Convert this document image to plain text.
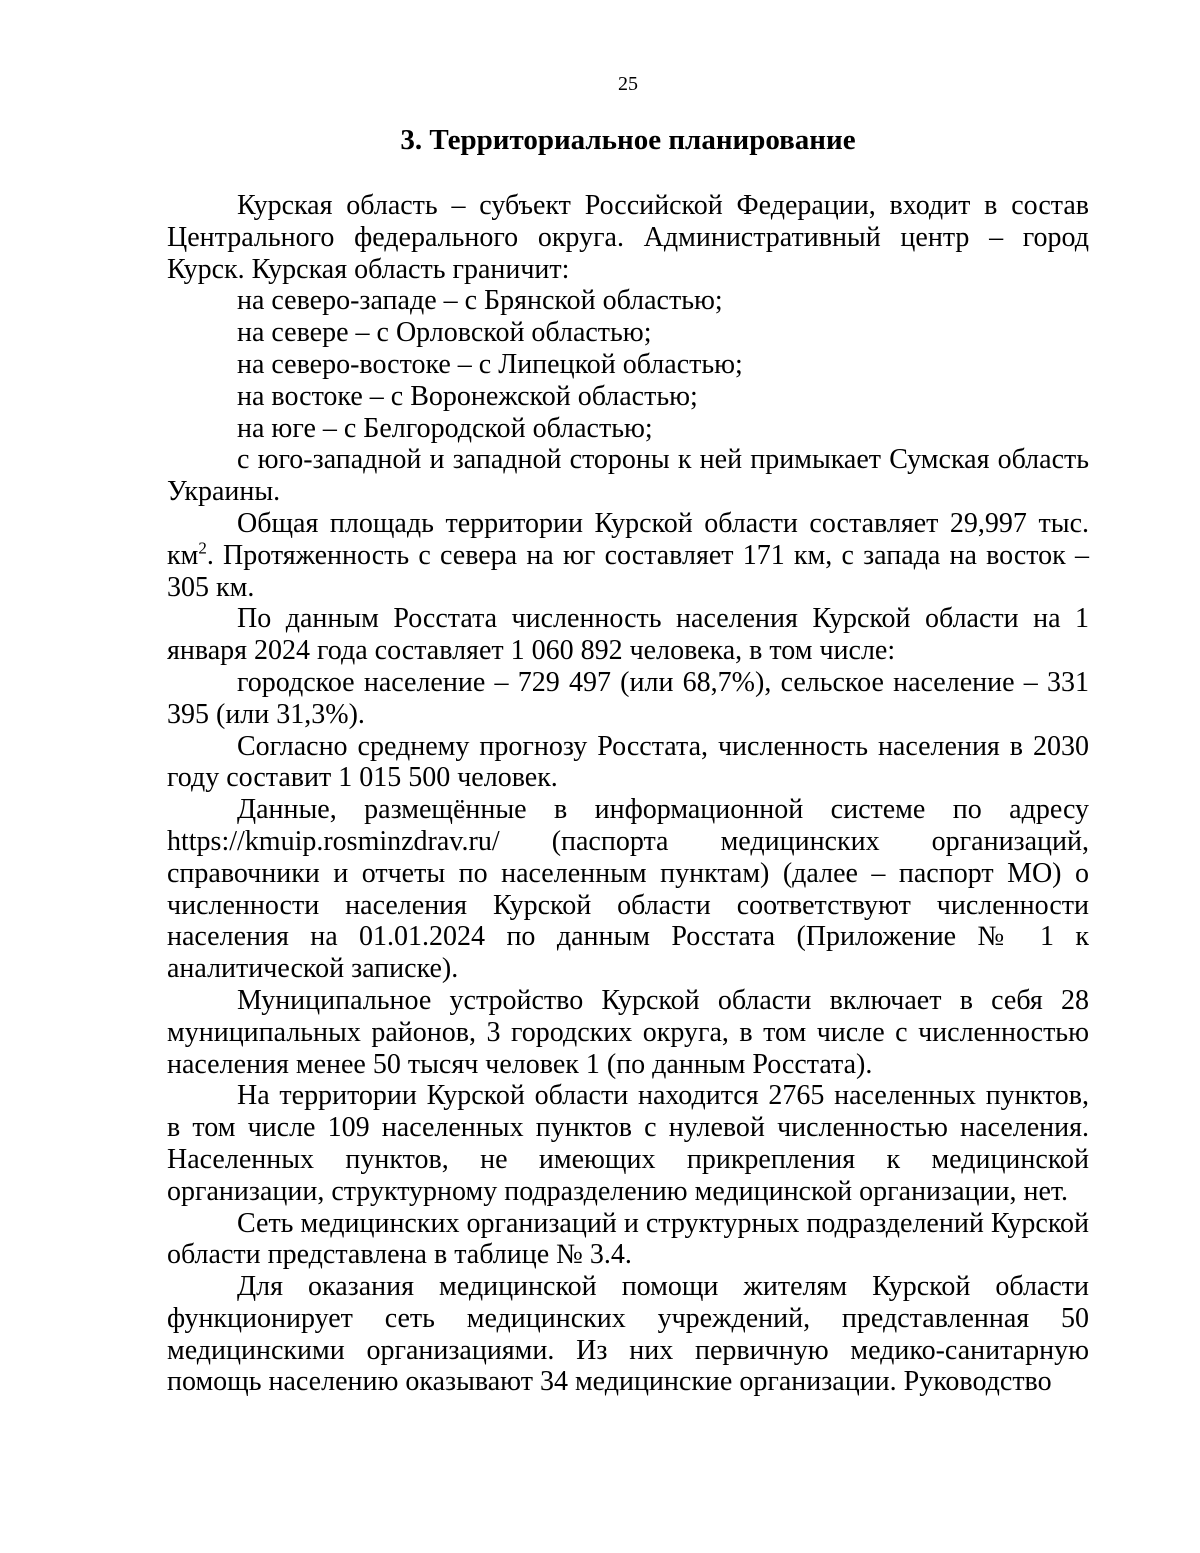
25
3. Территориальное планирование

Курская область – субъект Российской Федерации, входит в состав Центрального федерального округа. Административный центр – город Курск. Курская область граничит:

на северо-западе – с Брянской областью;

на севере – с Орловской областью;

на северо-востоке – с Липецкой областью;

на востоке – с Воронежской областью;

на юге – с Белгородской областью;

с юго-западной и западной стороны к ней примыкает Сумская область Украины.

Общая площадь территории Курской области составляет 29,997 тыс. $км^2$. Протяженность с севера на юг составляет 171 км, с запада на восток – 305 км.

По данным Росстата численность населения Курской области на 1 января 2024 года составляет 1 060 892 человека, в том числе:

городское население – 729 497 (или 68,7%), сельское население – 331 395 (или 31,3%).

Согласно среднему прогнозу Росстата, численность населения в 2030 году составит 1 015 500 человек.

Данные, размещённые в информационной системе по адресу https://kmuip.rosminzdrav.ru/ (паспорта медицинских организаций, справочники и отчеты по населенным пунктам) (далее – паспорт МО) о численности населения Курской области соответствуют численности населения на 01.01.2024 по данным Росстата (Приложение № 1 к аналитической записке).

Муниципальное устройство Курской области включает в себя 28 муниципальных районов, 3 городских округа, в том числе с численностью населения менее 50 тысяч человек 1 (по данным Росстата).

На территории Курской области находится 2765 населенных пунктов, в том числе 109 населенных пунктов с нулевой численностью населения. Населенных пунктов, не имеющих прикрепления к медицинской организации, структурному подразделению медицинской организации, нет.

Сеть медицинских организаций и структурных подразделений Курской области представлена в таблице № 3.4.

Для оказания медицинской помощи жителям Курской области функционирует сеть медицинских учреждений, представленная 50 медицинскими организациями. Из них первичную медико-санитарную помощь населению оказывают 34 медицинские организации. Руководство
